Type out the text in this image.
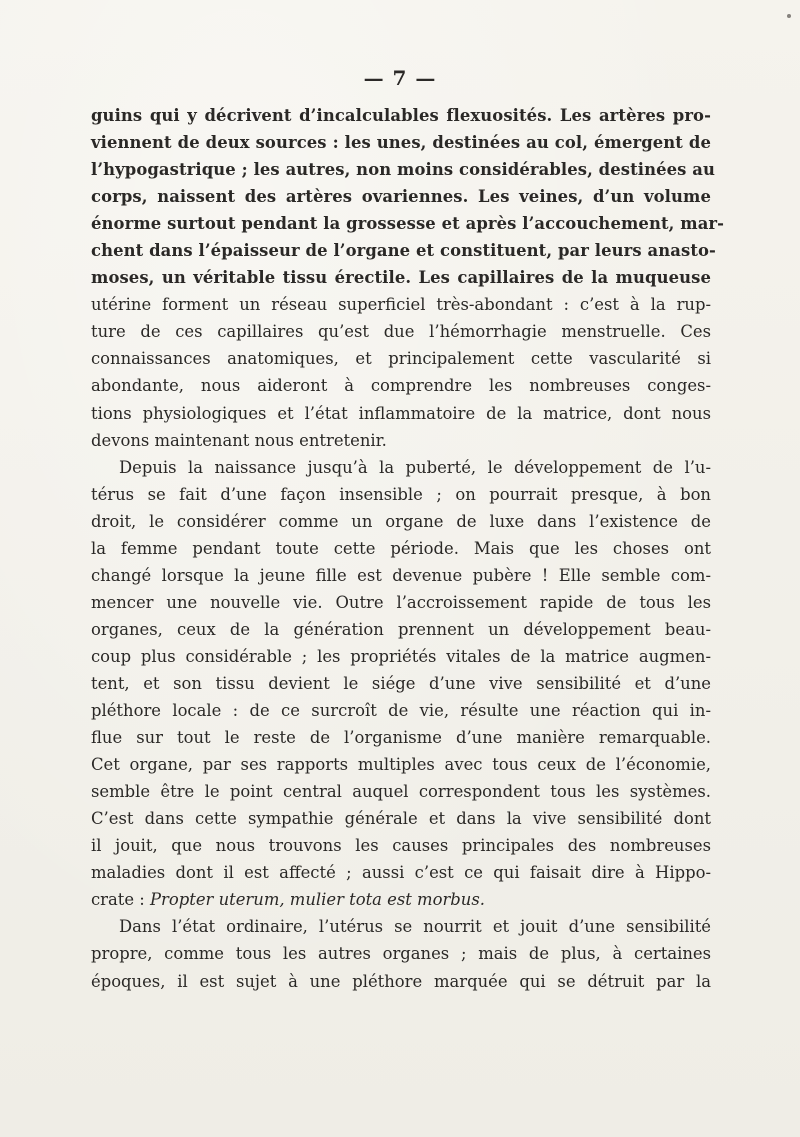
— 7 —
guins qui y décrivent d’incalculables flexuosités. Les artères pro-
viennent de deux sources : les unes, destinées au col, émergent de
l’hypogastrique ; les autres, non moins considérables, destinées au
corps, naissent des artères ovariennes. Les veines, d’un volume
énorme surtout pendant la grossesse et après l’accouchement, mar-
chent dans l’épaisseur de l’organe et constituent, par leurs anasto-
moses, un véritable tissu érectile. Les capillaires de la muqueuse
utérine forment un réseau superficiel très-abondant : c’est à la rup-
ture de ces capillaires qu’est due l’hémorrhagie menstruelle. Ces
connaissances anatomiques, et principalement cette vascularité si
abondante, nous aideront à comprendre les nombreuses conges-
tions physiologiques et l’état inflammatoire de la matrice, dont nous
devons maintenant nous entretenir.
Depuis la naissance jusqu’à la puberté, le développement de l’u-
térus se fait d’une façon insensible ; on pourrait presque, à bon
droit, le considérer comme un organe de luxe dans l’existence de
la femme pendant toute cette période. Mais que les choses ont
changé lorsque la jeune fille est devenue pubère ! Elle semble com-
mencer une nouvelle vie. Outre l’accroissement rapide de tous les
organes, ceux de la génération prennent un développement beau-
coup plus considérable ; les propriétés vitales de la matrice augmen-
tent, et son tissu devient le siége d’une vive sensibilité et d’une
pléthore locale : de ce surcroît de vie, résulte une réaction qui in-
flue sur tout le reste de l’organisme d’une manière remarquable.
Cet organe, par ses rapports multiples avec tous ceux de l’économie,
semble être le point central auquel correspondent tous les systèmes.
C’est dans cette sympathie générale et dans la vive sensibilité dont
il jouit, que nous trouvons les causes principales des nombreuses
maladies dont il est affecté ; aussi c’est ce qui faisait dire à Hippo-
crate : Propter uterum, mulier tota est morbus.
Dans l’état ordinaire, l’utérus se nourrit et jouit d’une sensibilité
propre, comme tous les autres organes ; mais de plus, à certaines
époques, il est sujet à une pléthore marquée qui se détruit par la
